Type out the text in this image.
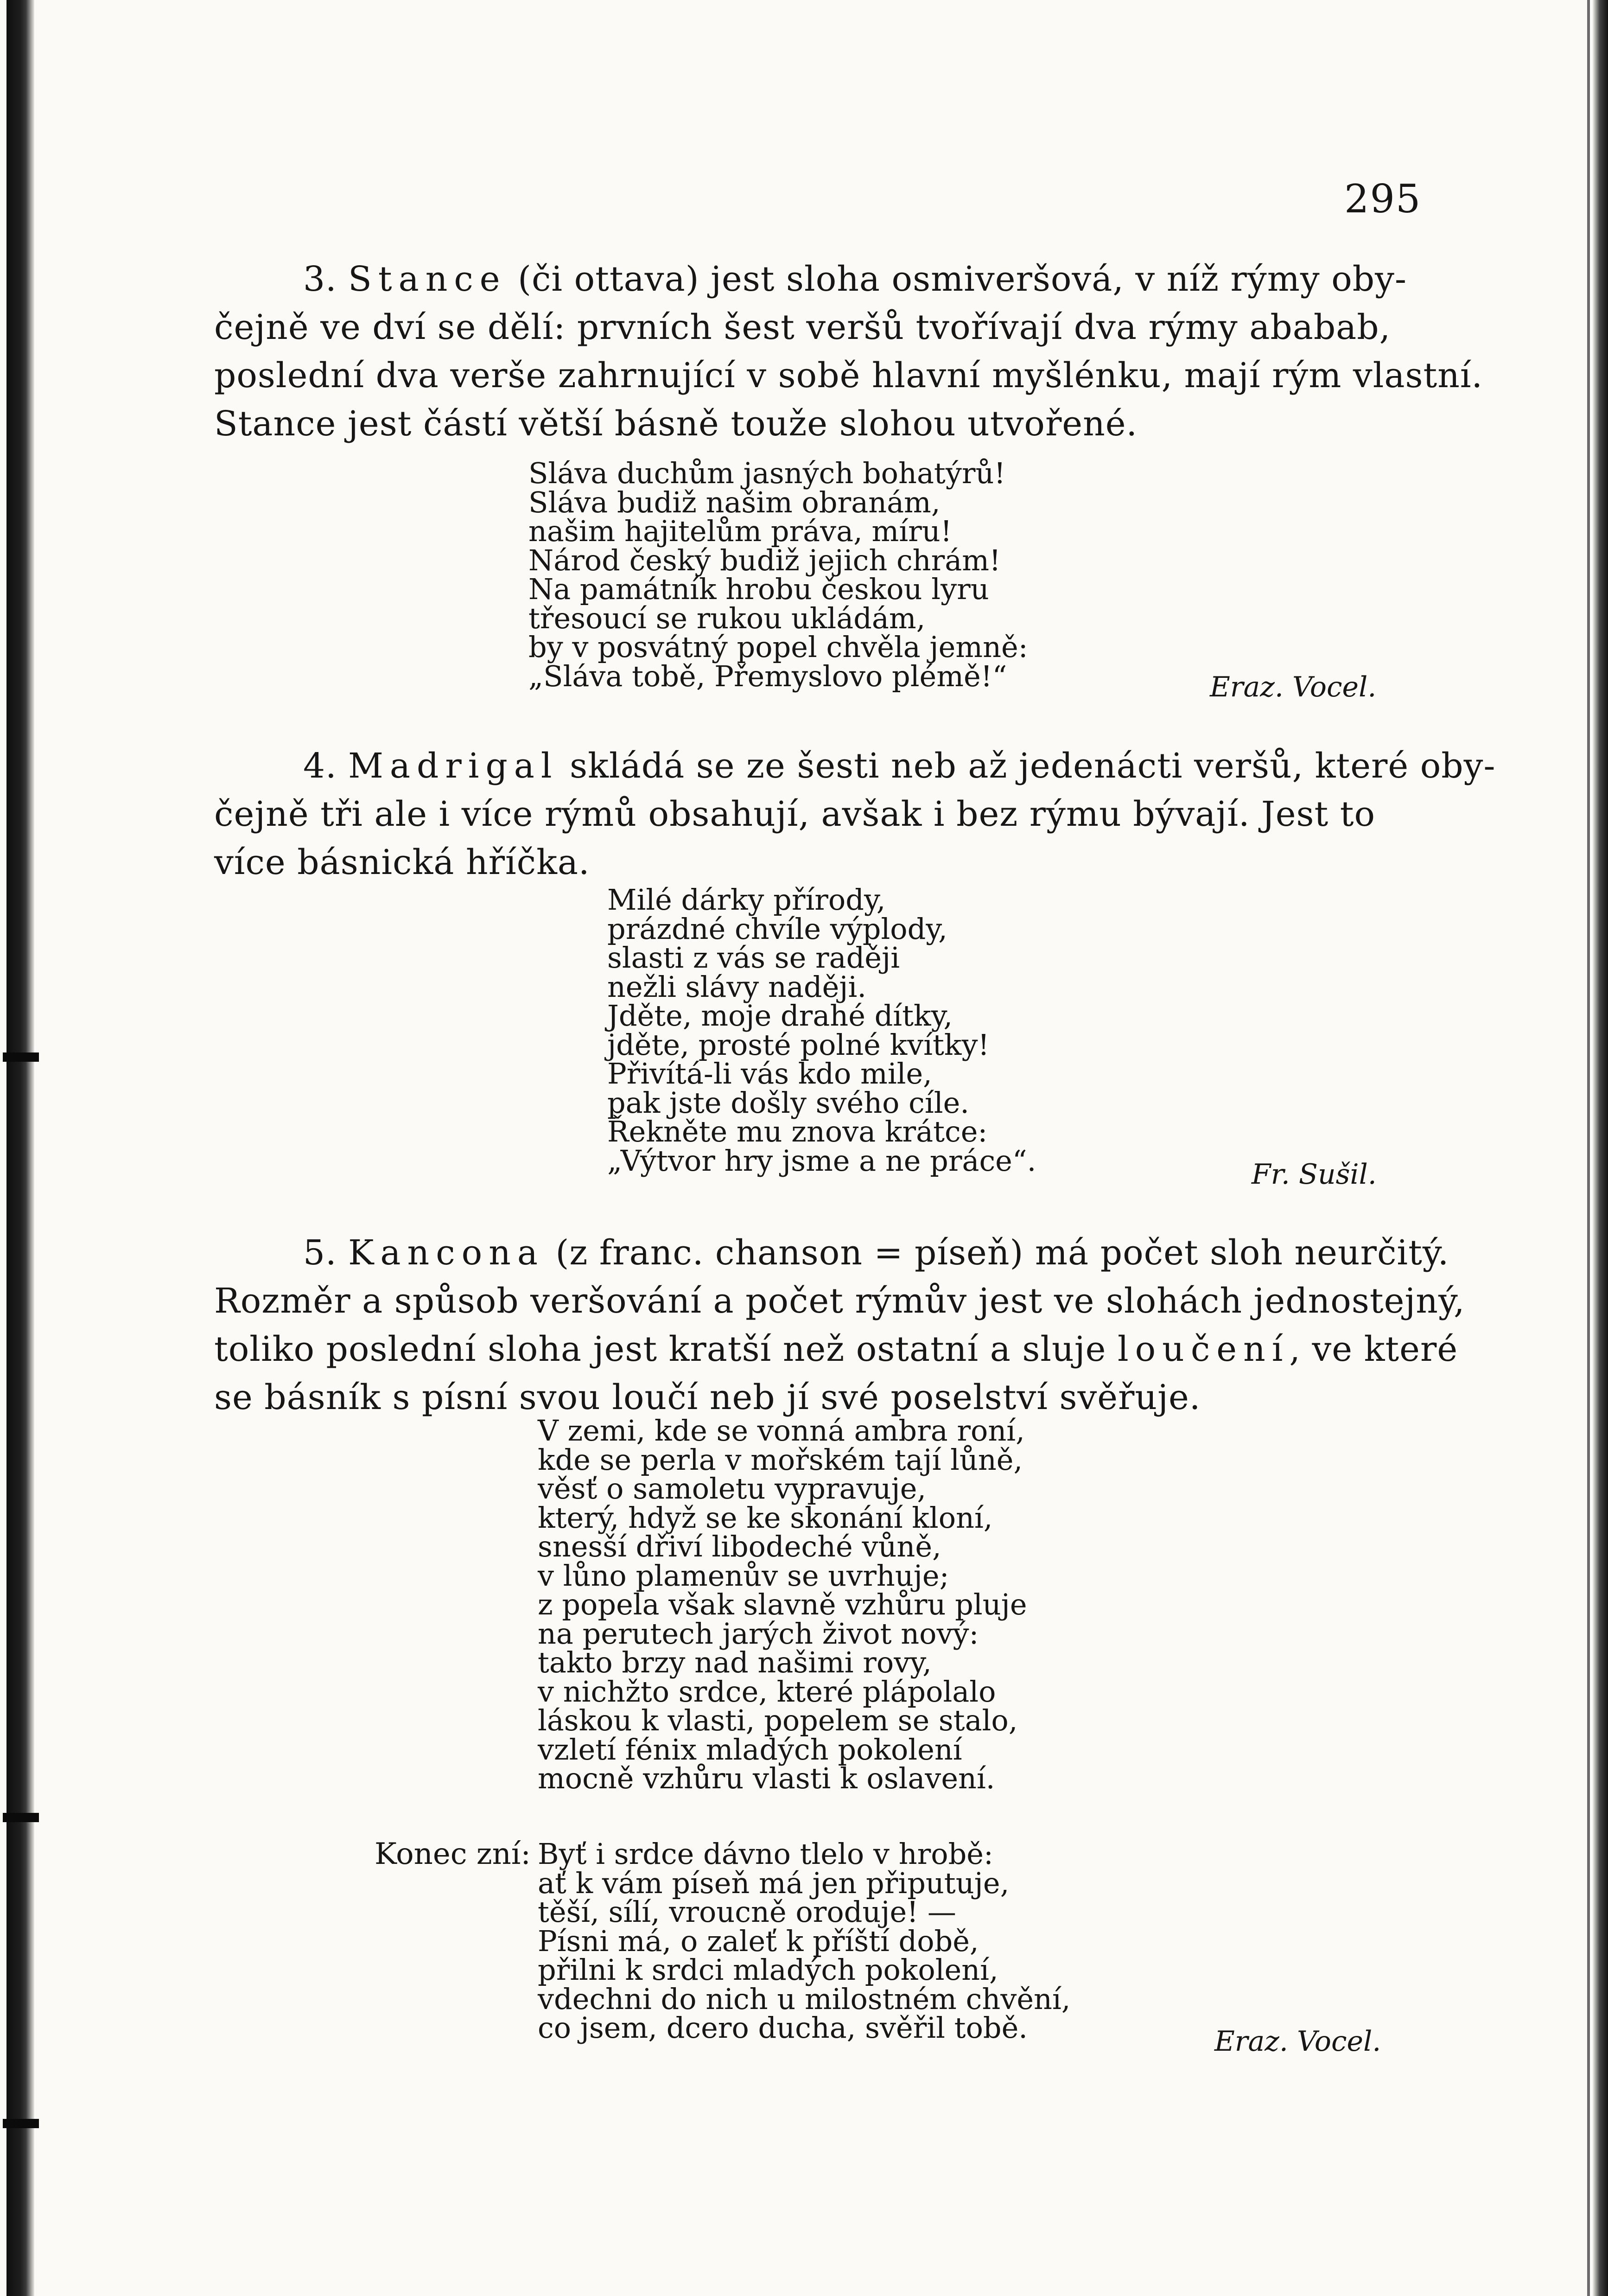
295
3. Stance (či ottava) jest sloha osmiveršová, v níž rýmy oby-
čejně ve dví se dělí: prvních šest veršů tvořívají dva rýmy ababab,
poslední dva verše zahrnující v sobě hlavní myšlénku, mají rým vlastní.
Stance jest částí větší básně touže slohou utvořené.
Sláva duchům jasných bohatýrů!
Sláva budiž našim obranám,
našim hajitelům práva, míru!
Národ český budiž jejich chrám!
Na památník hrobu českou lyru
třesoucí se rukou ukládám,
by v posvátný popel chvěla jemně:
„Sláva tobě, Přemyslovo plémě!“	Eraz. Vocel.
4. Madrigal skládá se ze šesti neb až jedenácti veršů, které oby-
čejně tři ale i více rýmů obsahují, avšak i bez rýmu bývají. Jest to
více básnická hříčka.
Milé dárky přírody,
prázdné chvíle výplody,
slasti z vás se raději
nežli slávy naději.
Jděte, moje drahé dítky,
jděte, prosté polné kvítky!
Přivítá-li vás kdo mile,
pak jste došly svého cíle.
Řekněte mu znova krátce:
„Výtvor hry jsme a ne práce“.	Fr. Sušil.
5. Kancona (z franc. chanson = píseň) má počet sloh neurčitý.
Rozměr a spůsob veršování a počet rýmův jest ve slohách jednostejný,
toliko poslední sloha jest kratší než ostatní a sluje loučení, ve které
se básník s písní svou loučí neb jí své poselství svěřuje.
V zemi, kde se vonná ambra roní,
kde se perla v mořském tají lůně,
věsť o samoletu vypravuje,
který, hdyž se ke skonání kloní,
snesší dřiví libodeché vůně,
v lůno plamenův se uvrhuje;
z popela však slavně vzhůru pluje
na perutech jarých život nový:
takto brzy nad našimi rovy,
v nichžto srdce, které plápolalo
láskou k vlasti, popelem se stalo,
vzletí fénix mladých pokolení
mocně vzhůru vlasti k oslavení.
Konec zní: Byť i srdce dávno tlelo v hrobě:
ať k vám píseň má jen připutuje,
těší, sílí, vroucně oroduje! —
Písni má, o zaleť k příští době,
přilni k srdci mladých pokolení,
vdechni do nich u milostném chvění,
co jsem, dcero ducha, svěřil tobě.	Eraz. Vocel.
